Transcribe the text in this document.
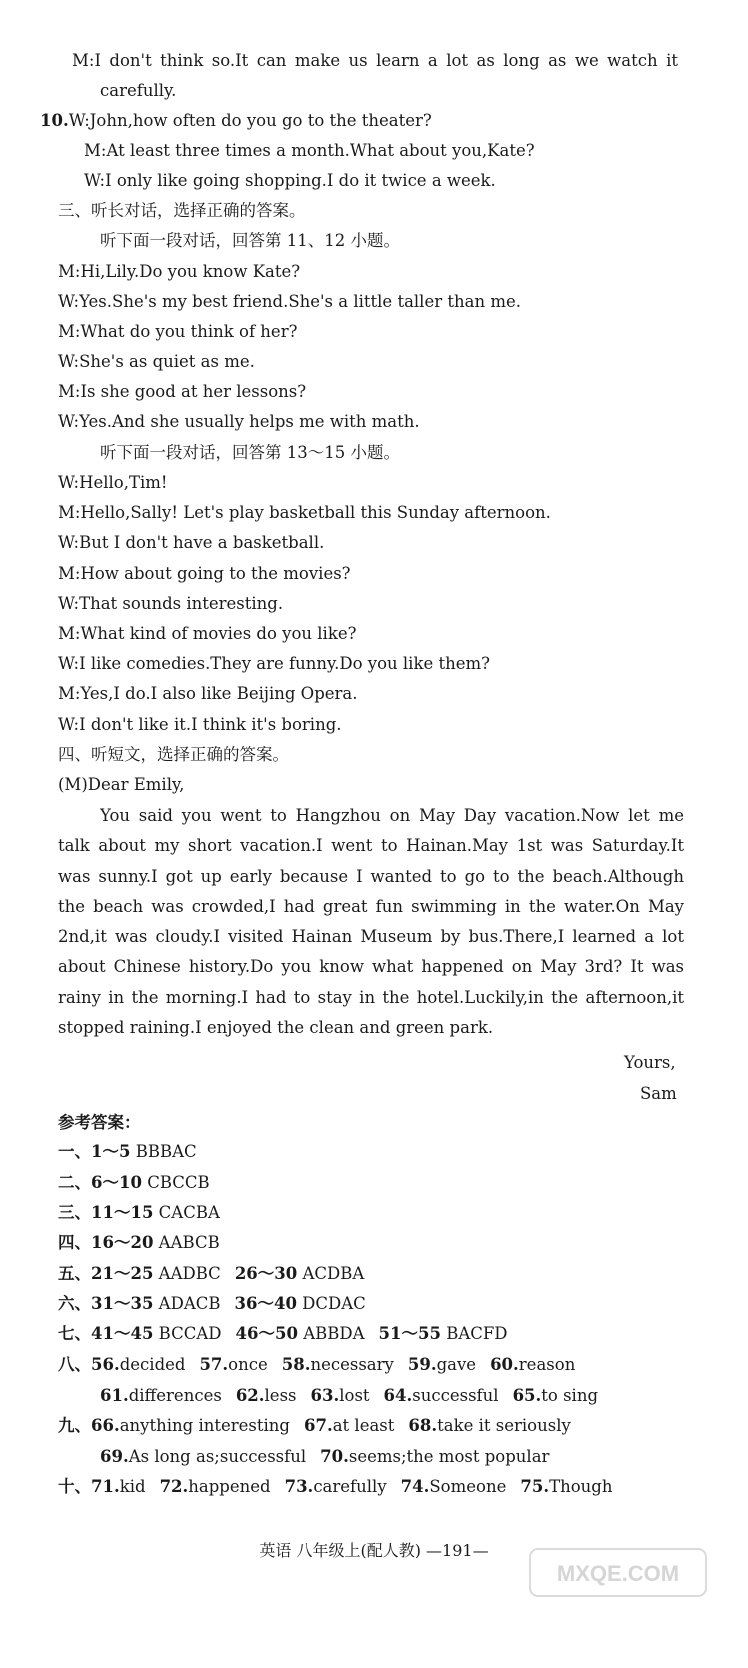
M:I don't think so.It can make us learn a lot as long as we watch it
carefully.
10.W:John,how often do you go to the theater?
M:At least three times a month.What about you,Kate?
W:I only like going shopping.I do it twice a week.
三、听长对话，选择正确的答案。
听下面一段对话，回答第 11、12 小题。
M:Hi,Lily.Do you know Kate?
W:Yes.She's my best friend.She's a little taller than me.
M:What do you think of her?
W:She's as quiet as me.
M:Is she good at her lessons?
W:Yes.And she usually helps me with math.
听下面一段对话，回答第 13～15 小题。
W:Hello,Tim!
M:Hello,Sally! Let's play basketball this Sunday afternoon.
W:But I don't have a basketball.
M:How about going to the movies?
W:That sounds interesting.
M:What kind of movies do you like?
W:I like comedies.They are funny.Do you like them?
M:Yes,I do.I also like Beijing Opera.
W:I don't like it.I think it's boring.
四、听短文，选择正确的答案。
(M)Dear Emily,
You said you went to Hangzhou on May Day vacation.Now let me
talk about my short vacation.I went to Hainan.May 1st was Saturday.It
was sunny.I got up early because I wanted to go to the beach.Although
the beach was crowded,I had great fun swimming in the water.On May
2nd,it was cloudy.I visited Hainan Museum by bus.There,I learned a lot
about Chinese history.Do you know what happened on May 3rd? It was
rainy in the morning.I had to stay in the hotel.Luckily,in the afternoon,it
stopped raining.I enjoyed the clean and green park.
Yours,
Sam
参考答案：
一、1～5 BBBAC
二、6～10 CBCCB
三、11～15 CACBA
四、16～20 AABCB
五、21～25 AADBC 26～30 ACDBA
六、31～35 ADACB 36～40 DCDAC
七、41～45 BCCAD 46～50 ABBDA 51～55 BACFD
八、56.decided 57.once 58.necessary 59.gave 60.reason
61.differences 62.less 63.lost 64.successful 65.to sing
九、66.anything interesting 67.at least 68.take it seriously
69.As long as;successful 70.seems;the most popular
十、71.kid 72.happened 73.carefully 74.Someone 75.Though
英语 八年级上(配人教) —191—
MXQE.COM
